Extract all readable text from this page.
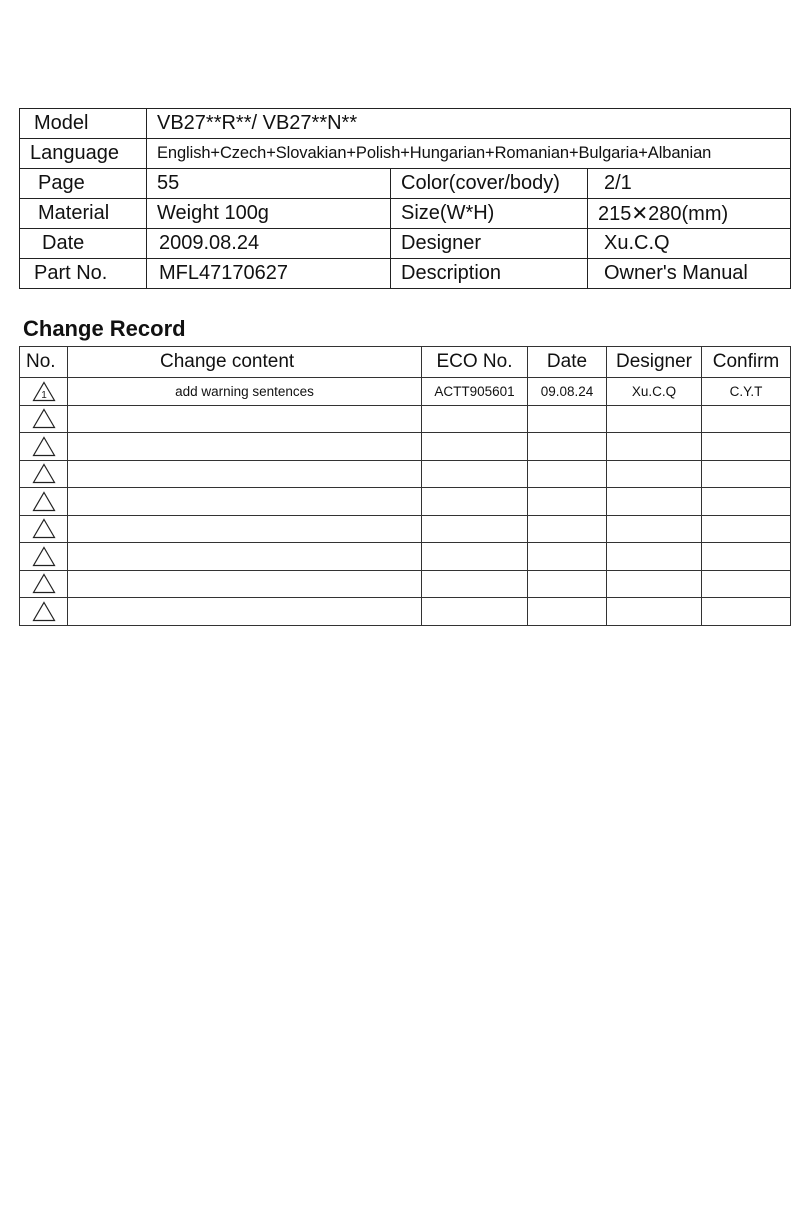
Model	VB27**R**/ VB27**N**		
Language	English+Czech+Slovakian+Polish+Hungarian+Romanian+Bulgaria+Albanian		
Page	55	Color(cover/body)	2/1
Material	Weight 100g	Size(W*H)	215✕280(mm)
Date	2009.08.24	Designer	Xu.C.Q
Part No.	MFL47170627	Description	Owner's Manual
Change Record
No.	Change content	ECO No.	Date	Designer	Confirm

1	add warning sentences	ACTT905601	09.08.24	Xu.C.Q	C.Y.T
